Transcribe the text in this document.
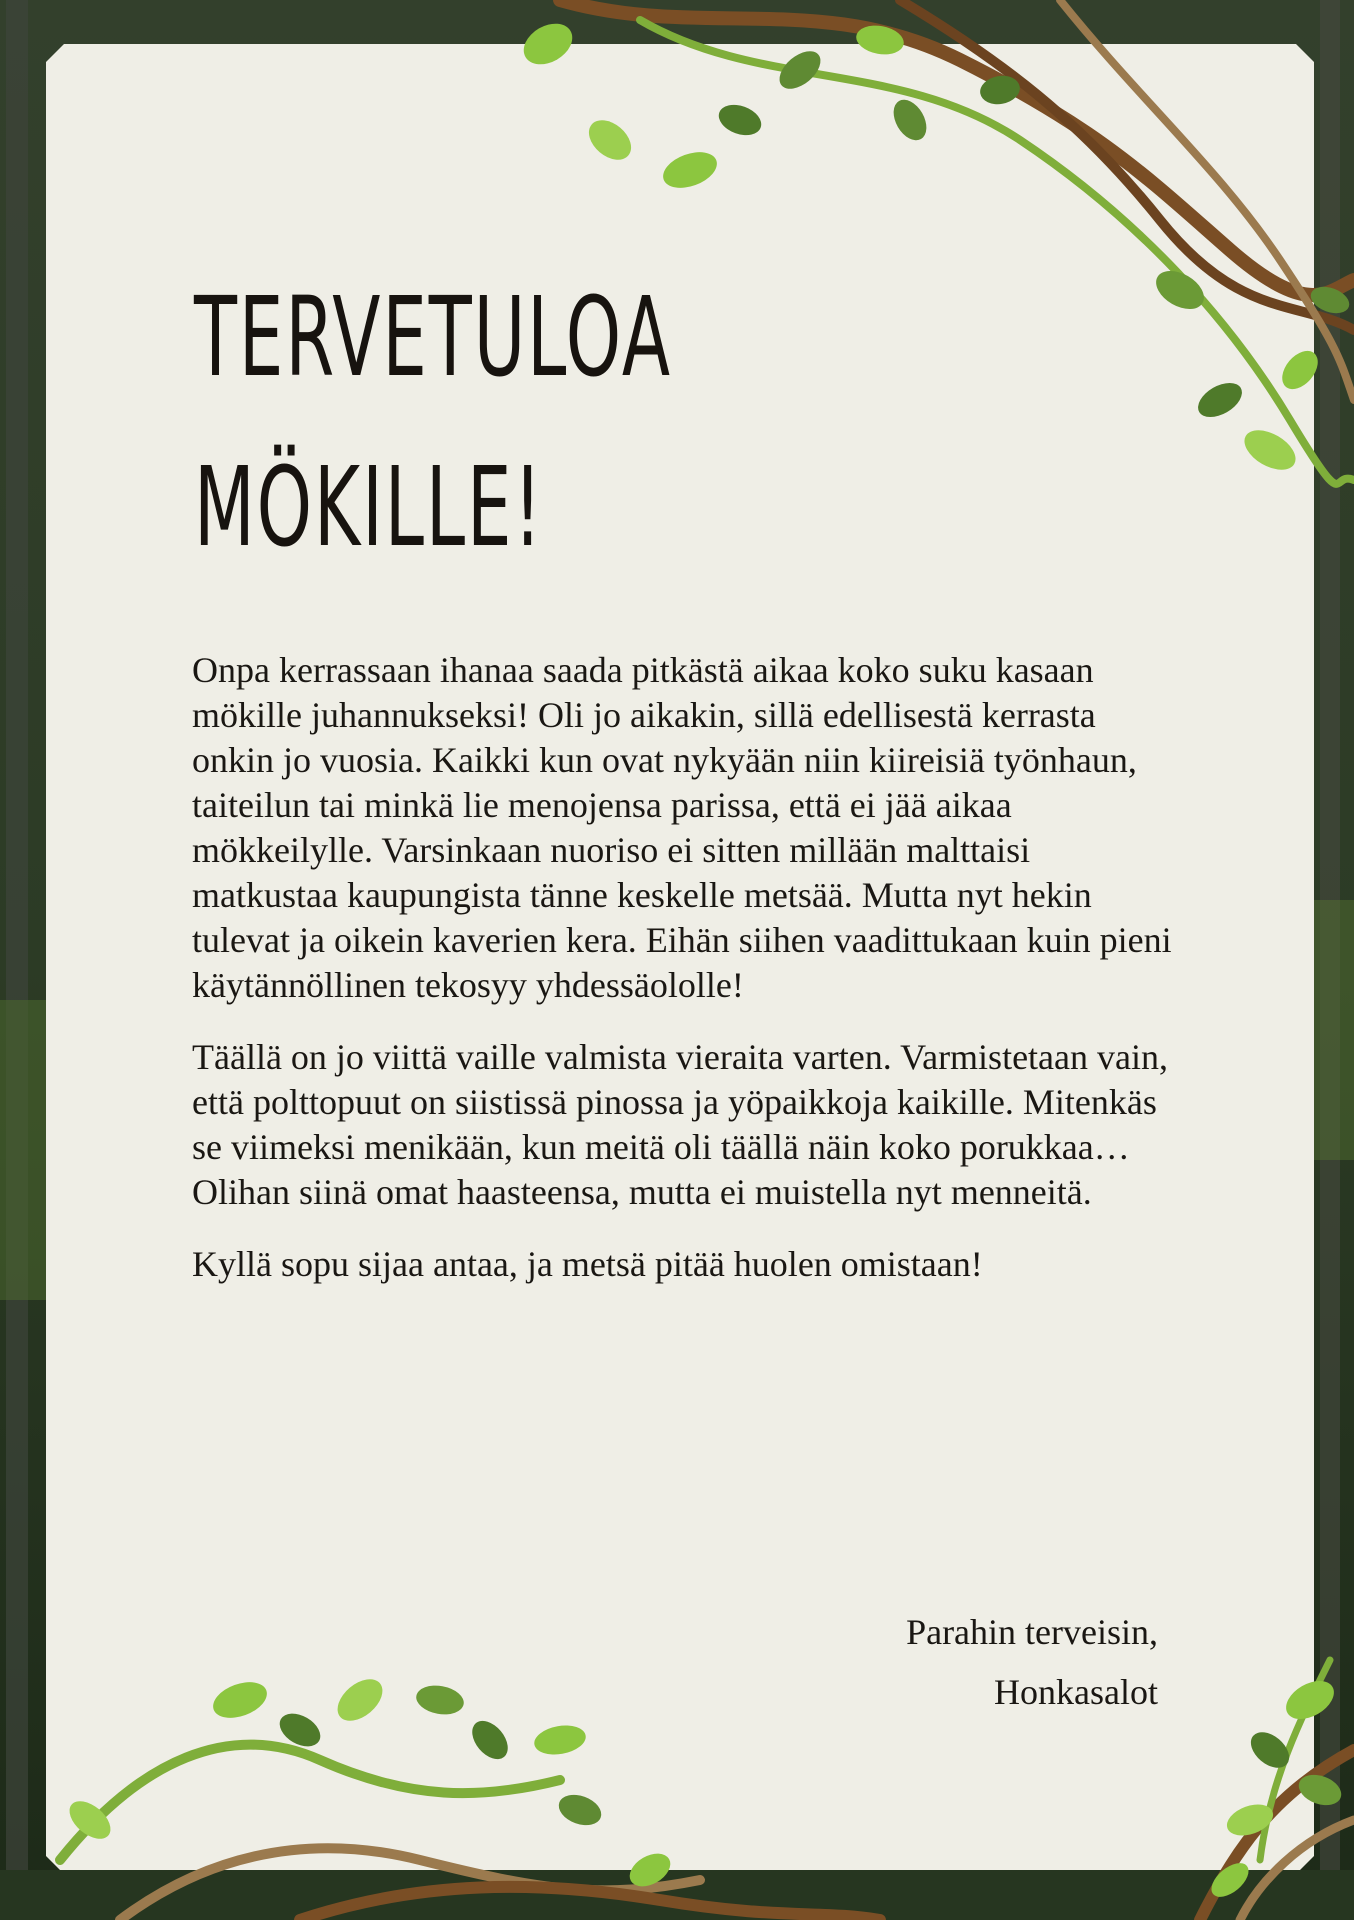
TERVETULOA
MÖKILLE!

Onpa kerrassaan ihanaa saada pitkästä aikaa koko suku kasaan mökille juhannukseksi! Oli jo aikakin, sillä edellisestä kerrasta onkin jo vuosia. Kaikki kun ovat nykyään niin kiireisiä työnhaun, taiteilun tai minkä lie menojensa parissa, että ei jää aikaa mökkeilylle. Varsinkaan nuoriso ei sitten millään malttaisi matkustaa kaupungista tänne keskelle metsää. Mutta nyt hekin tulevat ja oikein kaverien kera. Eihän siihen vaadittukaan kuin pieni käytännöllinen tekosyy yhdessäololle!

Täällä on jo viittä vaille valmista vieraita varten. Varmistetaan vain, että polttopuut on siistissä pinossa ja yöpaikkoja kaikille. Mitenkäs se viimeksi menikään, kun meitä oli täällä näin koko porukkaa… Olihan siinä omat haasteensa, mutta ei muistella nyt menneitä.

Kyllä sopu sijaa antaa, ja metsä pitää huolen omistaan!

Parahin terveisin,
Honkasalot
